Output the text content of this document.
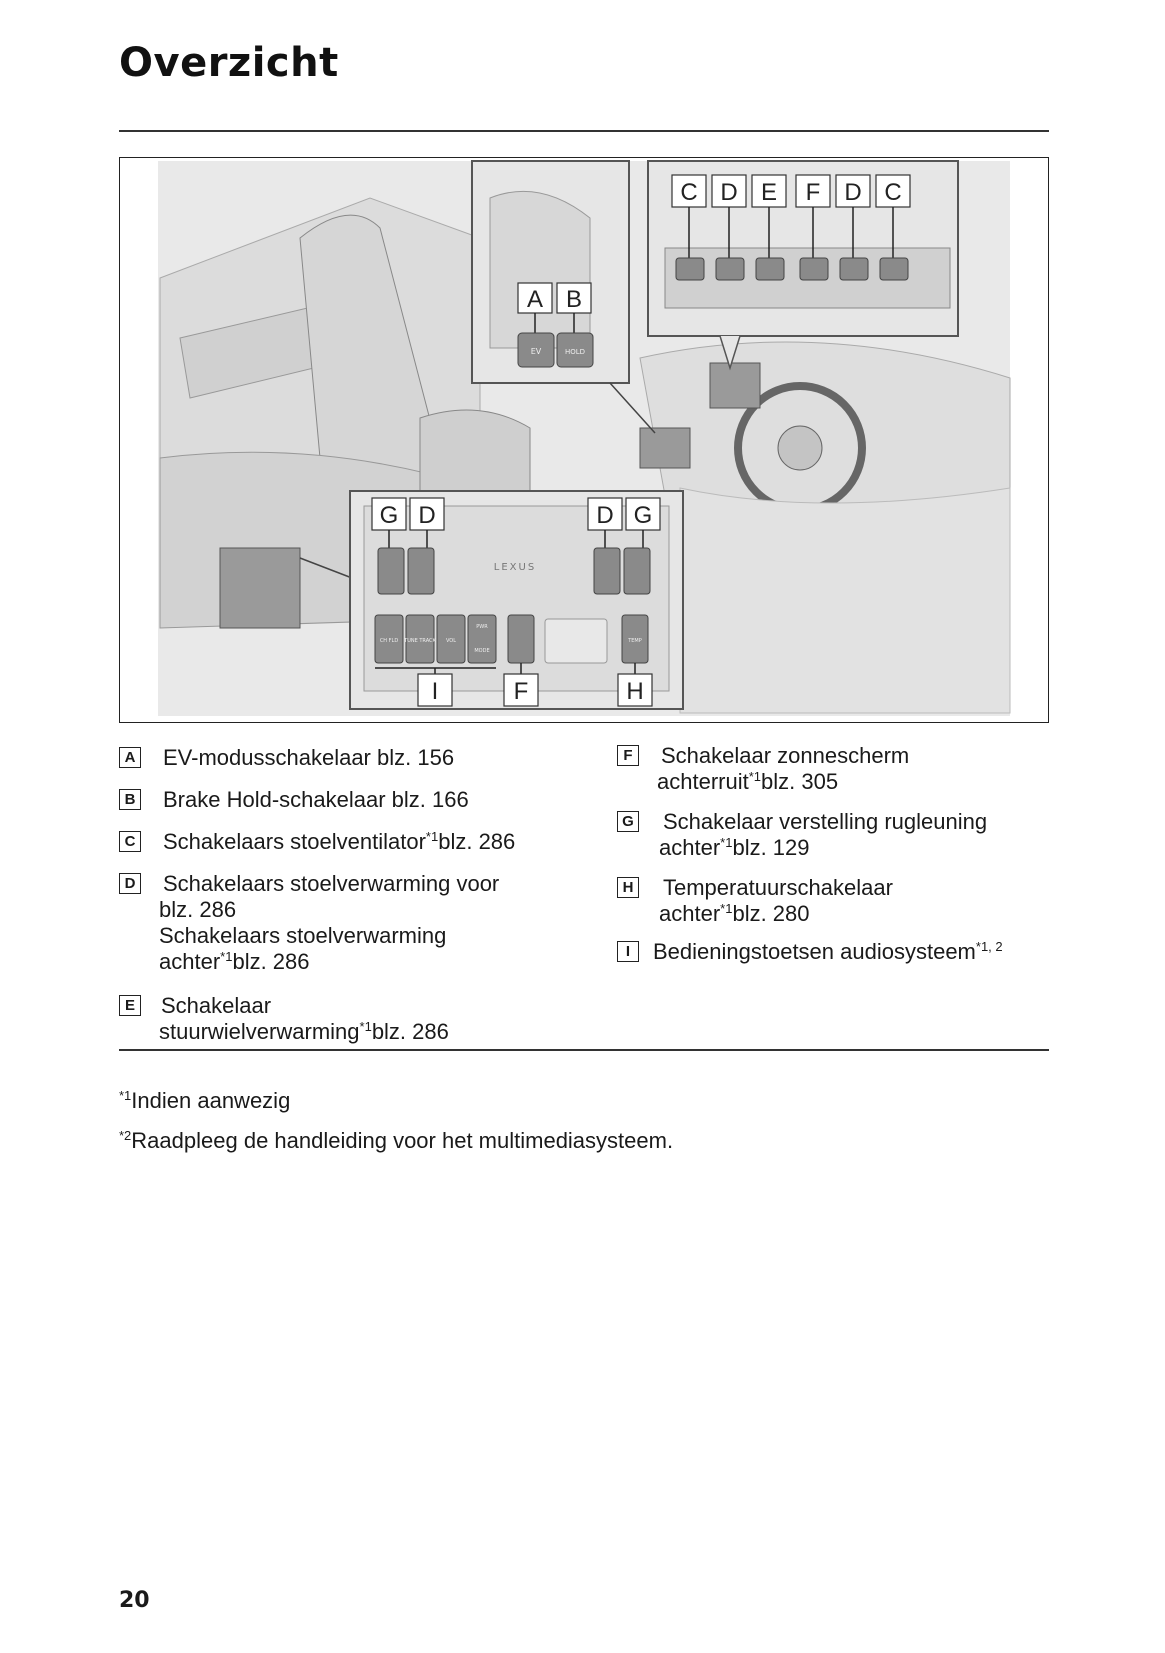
Overzicht
A B
EV	HOLD
C D E F D C
G D	D G
LEXUS
CH FLD TUNE TRACK VOL
PWR
MODE
TEMP
I	F	H
A EV-modusschakelaar blz. 156
B Brake Hold-schakelaar blz. 166
C Schakelaars stoelventilator$^{*1}$blz. 286
D Schakelaars stoelverwarming voor
blz. 286
Schakelaars stoelverwarming
achter$^{*1}$blz. 286
E Schakelaar
stuurwielverwarming$^{*1}$blz. 286
F Schakelaar zonnescherm
achterruit$^{*1}$blz. 305
G Schakelaar verstelling rugleuning
achter$^{*1}$blz. 129
H Temperatuurschakelaar
achter$^{*1}$blz. 280
I	Bedieningstoetsen audiosysteem$^{*1, 2}$
$^{*1}$Indien aanwezig
$^{*2}$Raadpleeg de handleiding voor het multimediasysteem.
20
